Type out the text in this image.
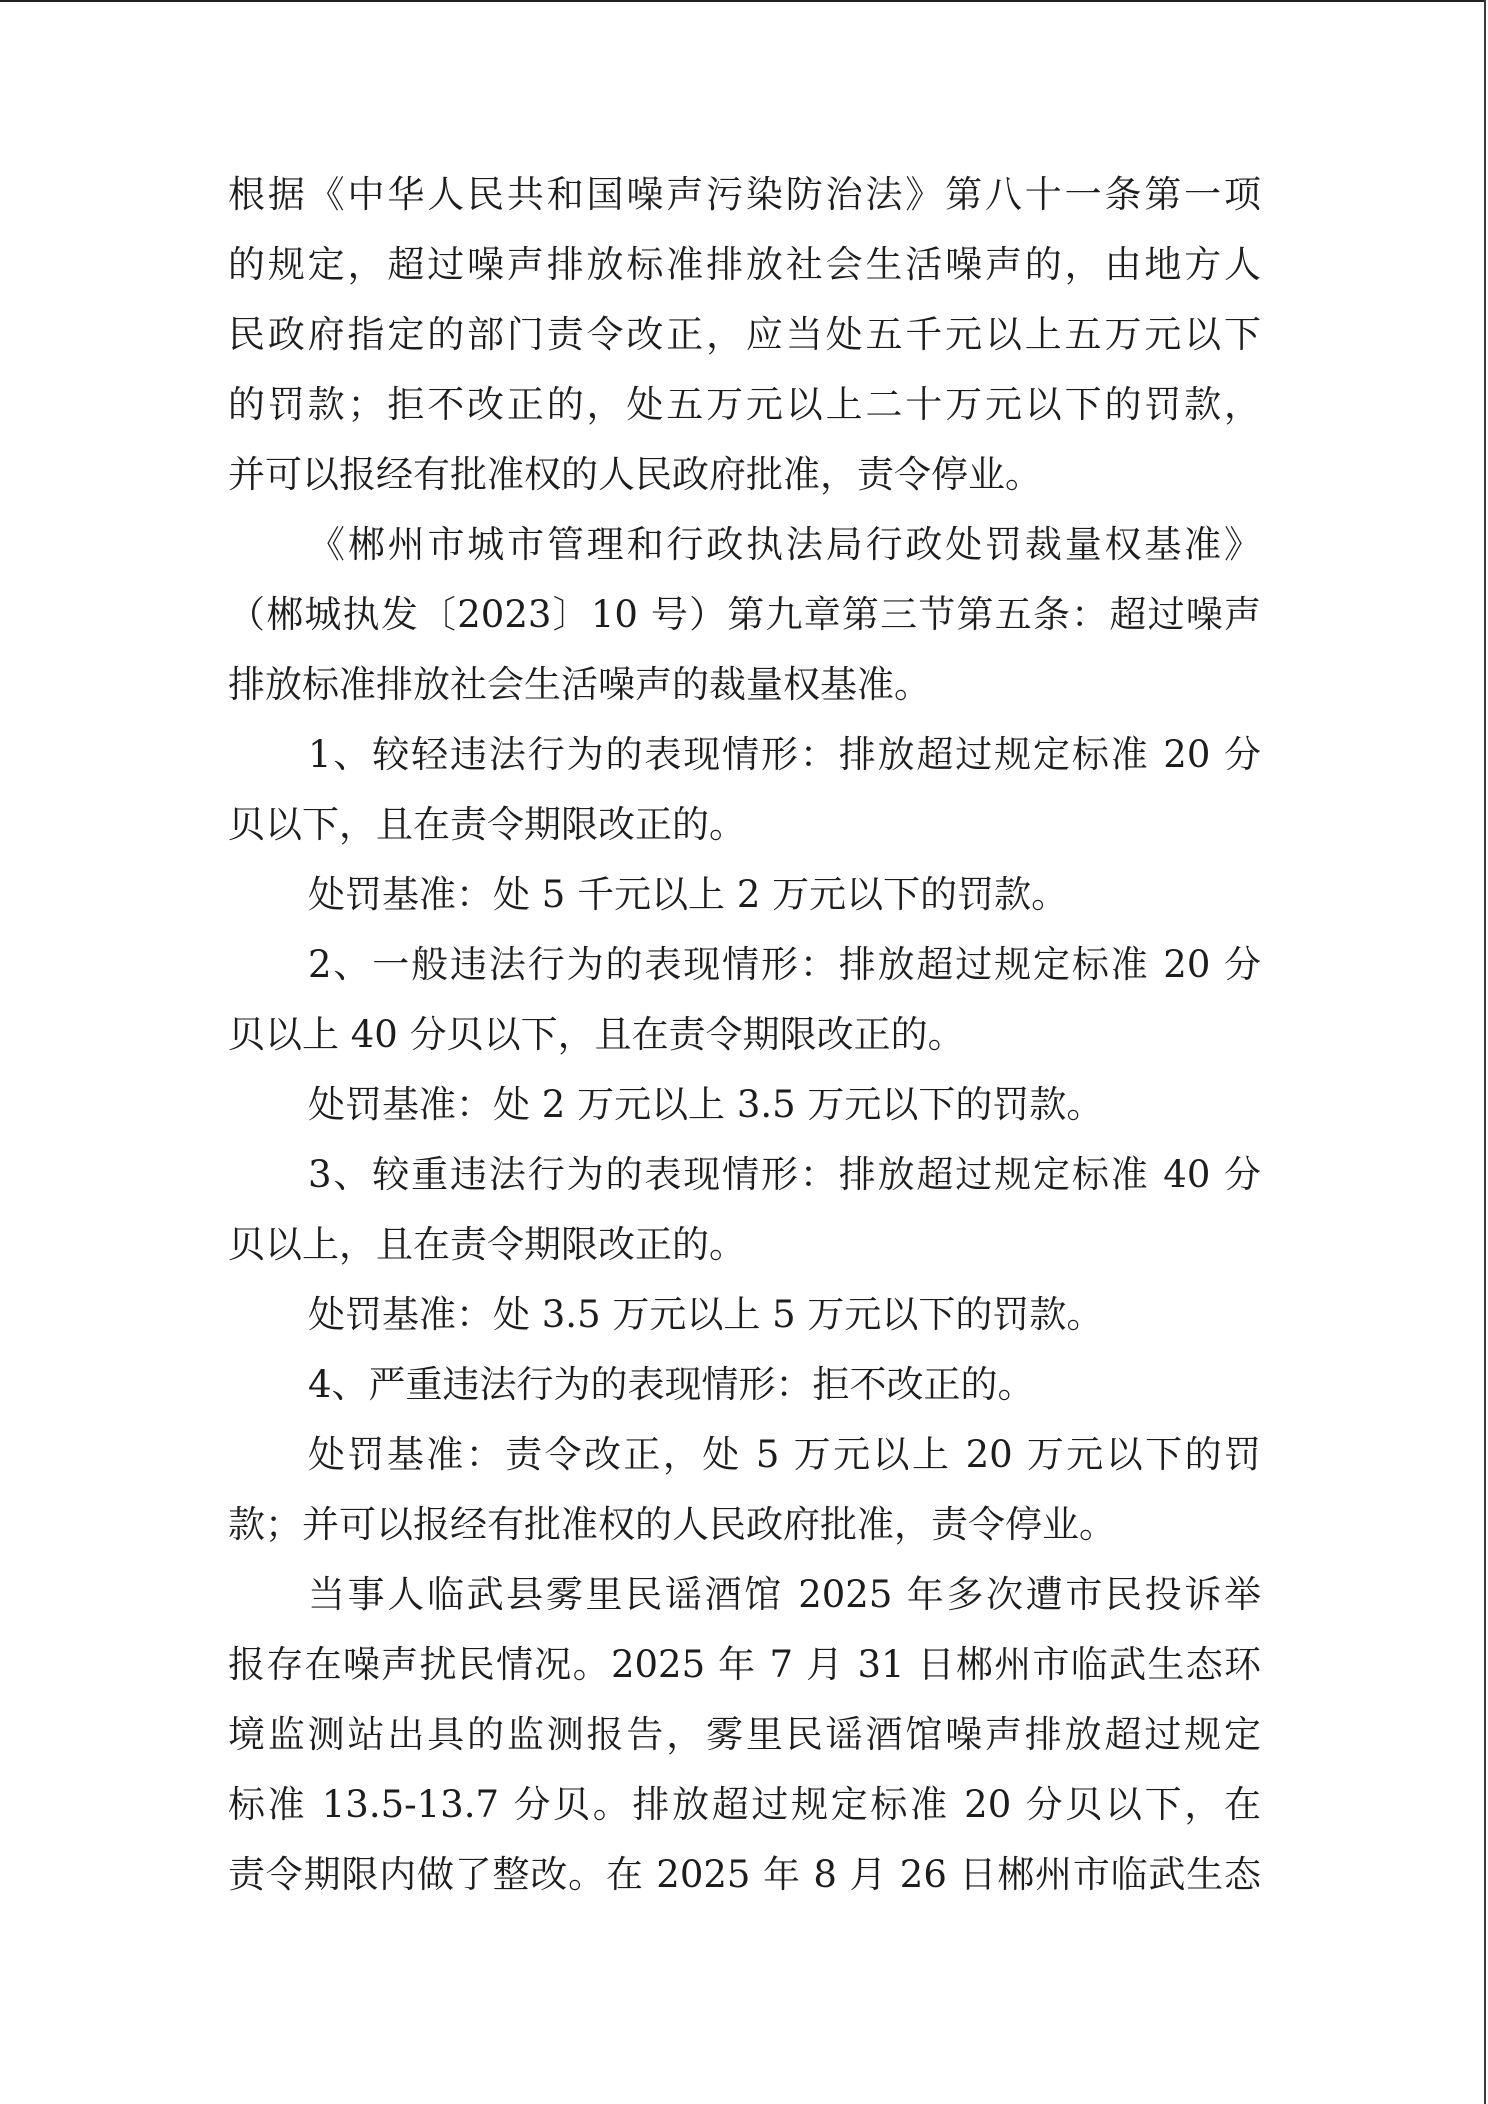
根据《中华人民共和国噪声污染防治法》第八十一条第一项
的规定，超过噪声排放标准排放社会生活噪声的，由地方人
民政府指定的部门责令改正，应当处五千元以上五万元以下
的罚款；拒不改正的，处五万元以上二十万元以下的罚款，
并可以报经有批准权的人民政府批准，责令停业。
《郴州市城市管理和行政执法局行政处罚裁量权基准》
（郴城执发〔2023〕10 号）第九章第三节第五条：超过噪声
排放标准排放社会生活噪声的裁量权基准。
1、较轻违法行为的表现情形：排放超过规定标准 20 分
贝以下，且在责令期限改正的。
处罚基准：处 5 千元以上 2 万元以下的罚款。
2、一般违法行为的表现情形：排放超过规定标准 20 分
贝以上 40 分贝以下，且在责令期限改正的。
处罚基准：处 2 万元以上 3.5 万元以下的罚款。
3、较重违法行为的表现情形：排放超过规定标准 40 分
贝以上，且在责令期限改正的。
处罚基准：处 3.5 万元以上 5 万元以下的罚款。
4、严重违法行为的表现情形：拒不改正的。
处罚基准：责令改正，处 5 万元以上 20 万元以下的罚
款；并可以报经有批准权的人民政府批准，责令停业。
当事人临武县雾里民谣酒馆 2025 年多次遭市民投诉举
报存在噪声扰民情况。2025 年 7 月 31 日郴州市临武生态环
境监测站出具的监测报告，雾里民谣酒馆噪声排放超过规定
标准 13.5-13.7 分贝。排放超过规定标准 20 分贝以下，在
责令期限内做了整改。在 2025 年 8 月 26 日郴州市临武生态
